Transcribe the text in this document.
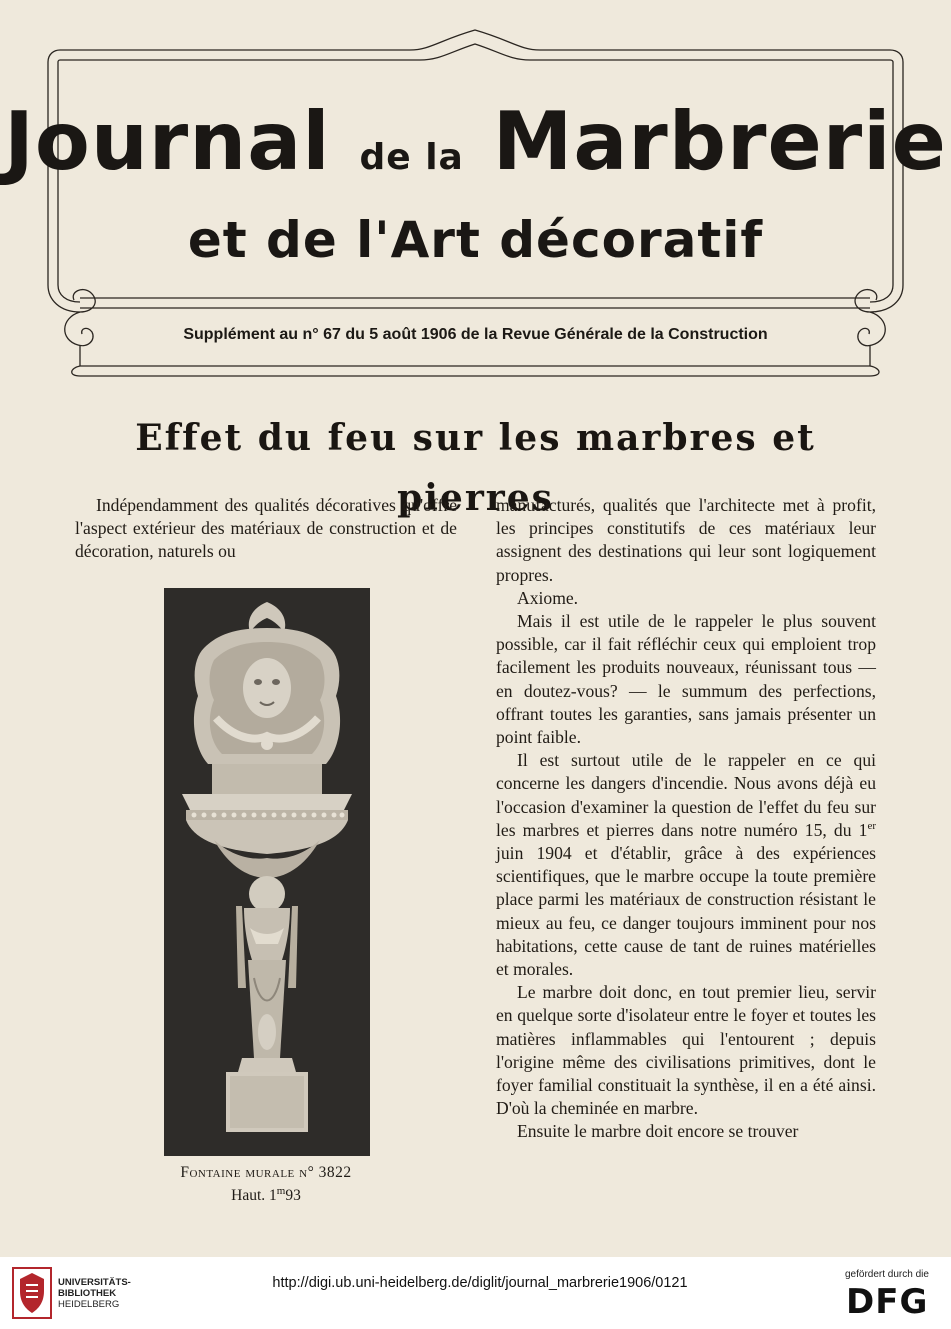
Journal de la Marbrerie
et de l'Art décoratif
Supplément au n° 67 du 5 août 1906 de la Revue Générale de la Construction
Effet du feu sur les marbres et pierres

Indépendamment des qualités décoratives qu'offre l'aspect extérieur des matériaux de construction et de décoration, naturels ou

Fontaine murale n° 3822
Haut. 1$^m$93

manufacturés, qualités que l'architecte met à profit, les principes constitutifs de ces matériaux leur assignent des destinations qui leur sont logiquement propres.

Axiome.

Mais il est utile de le rappeler le plus souvent possible, car il fait réfléchir ceux qui emploient trop facilement les produits nouveaux, réunissant tous — en doutez-vous? — le summum des perfections, offrant toutes les garanties, sans jamais présenter un point faible.

Il est surtout utile de le rappeler en ce qui concerne les dangers d'incendie. Nous avons déjà eu l'occasion d'examiner la question de l'effet du feu sur les marbres et pierres dans notre numéro 15, du 1er juin 1904 et d'établir, grâce à des expériences scientifiques, que le marbre occupe la toute première place parmi les matériaux de construction résistant le mieux au feu, ce danger toujours imminent pour nos habitations, cette cause de tant de ruines matérielles et morales.

Le marbre doit donc, en tout premier lieu, servir en quelque sorte d'isolateur entre le foyer et toutes les matières inflammables qui l'entourent ; depuis l'origine même des civilisations primitives, dont le foyer familial constituait la synthèse, il en a été ainsi. D'où la cheminée en marbre.

Ensuite le marbre doit encore se trouver

UNIVERSITÄTS-
BIBLIOTHEK
HEIDELBERG
http://digi.ub.uni-heidelberg.de/diglit/journal_marbrerie1906/0121
gefördert durch die
DFG
